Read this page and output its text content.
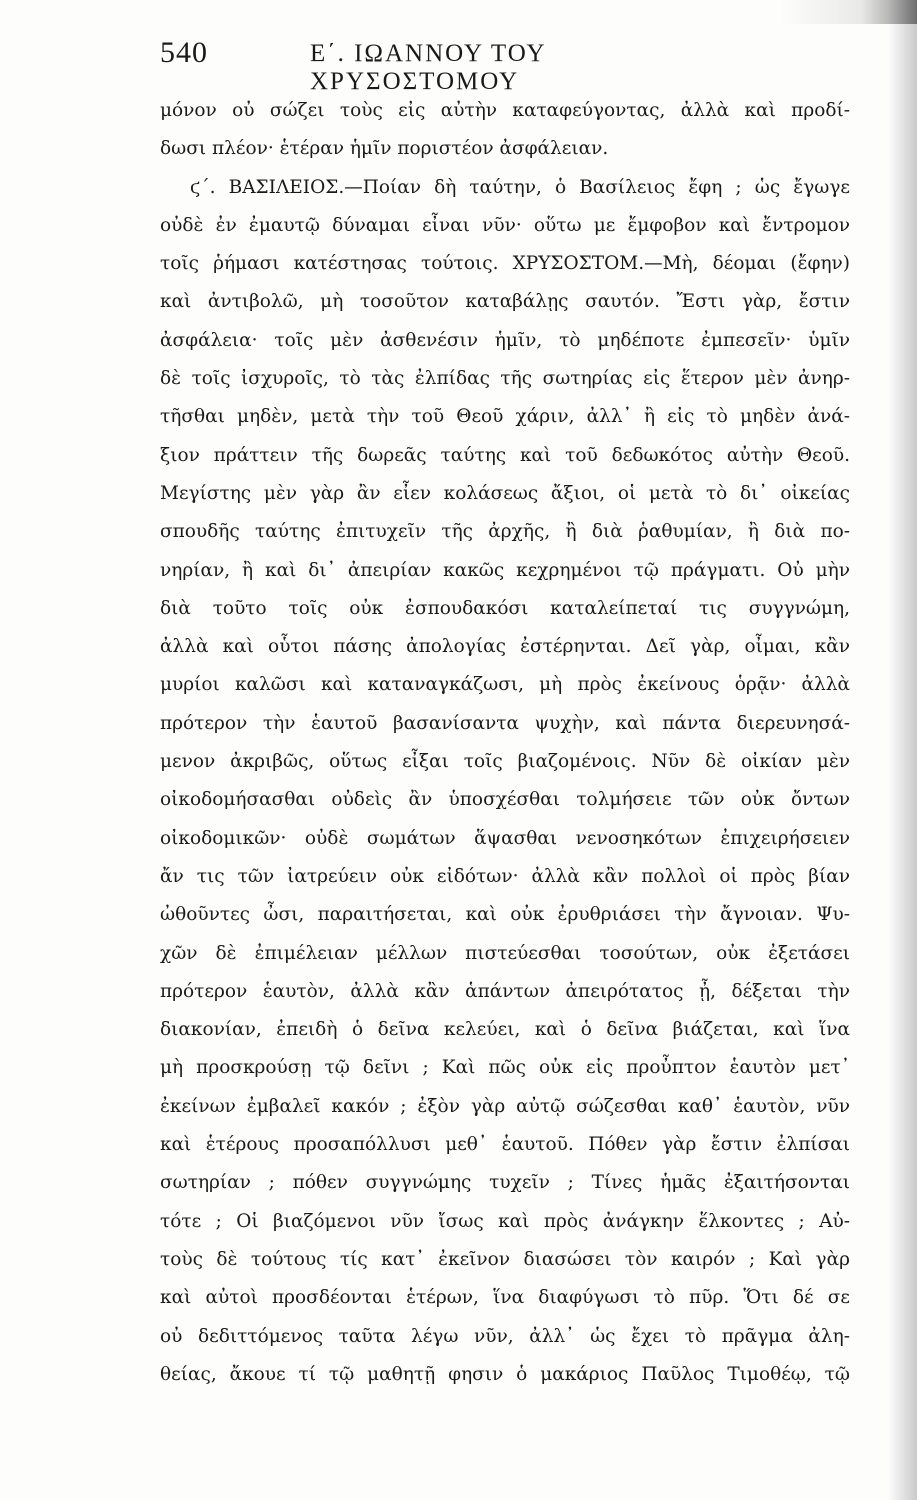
540	Ε΄. ΙΩΑΝΝΟΥ ΤΟΥ ΧΡΥΣΟΣΤΟΜΟΥ
μόνον οὐ σώζει τοὺς εἰς αὐτὴν καταφεύγοντας, ἀλλὰ καὶ προδί-
δωσι πλέον· ἑτέραν ἡμῖν ποριστέον ἀσφάλειαν.
ϛ΄. ΒΑΣΙΛΕΙΟΣ.—Ποίαν δὴ ταύτην, ὁ Βασίλειος ἔφη ; ὡς ἔγωγε
οὐδὲ ἐν ἐμαυτῷ δύναμαι εἶναι νῦν· οὕτω με ἔμφοβον καὶ ἔντρομον
τοῖς ῥήμασι κατέστησας τούτοις. ΧΡΥΣΟΣΤΟΜ.—Μὴ, δέομαι (ἔφην)
καὶ ἀντιβολῶ, μὴ τοσοῦτον καταβάλῃς σαυτόν. Ἔστι γὰρ, ἔστιν
ἀσφάλεια· τοῖς μὲν ἀσθενέσιν ἡμῖν, τὸ μηδέποτε ἐμπεσεῖν· ὑμῖν
δὲ τοῖς ἰσχυροῖς, τὸ τὰς ἐλπίδας τῆς σωτηρίας εἰς ἕτερον μὲν ἀνηρ-
τῆσθαι μηδὲν, μετὰ τὴν τοῦ Θεοῦ χάριν, ἀλλ᾽ ἢ εἰς τὸ μηδὲν ἀνά-
ξιον πράττειν τῆς δωρεᾶς ταύτης καὶ τοῦ δεδωκότος αὐτὴν Θεοῦ.
Μεγίστης μὲν γὰρ ἂν εἶεν κολάσεως ἄξιοι, οἱ μετὰ τὸ δι᾽ οἰκείας
σπουδῆς ταύτης ἐπιτυχεῖν τῆς ἀρχῆς, ἢ διὰ ῥαθυμίαν, ἢ διὰ πο-
νηρίαν, ἢ καὶ δι᾽ ἀπειρίαν κακῶς κεχρημένοι τῷ πράγματι. Οὐ μὴν
διὰ τοῦτο τοῖς οὐκ ἐσπουδακόσι καταλείπεταί τις συγγνώμη,
ἀλλὰ καὶ οὗτοι πάσης ἀπολογίας ἐστέρηνται. Δεῖ γὰρ, οἶμαι, κἂν
μυρίοι καλῶσι καὶ καταναγκάζωσι, μὴ πρὸς ἐκείνους ὁρᾷν· ἀλλὰ
πρότερον τὴν ἑαυτοῦ βασανίσαντα ψυχὴν, καὶ πάντα διερευνησά-
μενον ἀκριβῶς, οὕτως εἶξαι τοῖς βιαζομένοις. Νῦν δὲ οἰκίαν μὲν
οἰκοδομήσασθαι οὐδεὶς ἂν ὑποσχέσθαι τολμήσειε τῶν οὐκ ὄντων
οἰκοδομικῶν· οὐδὲ σωμάτων ἅψασθαι νενοσηκότων ἐπιχειρήσειεν
ἄν τις τῶν ἰατρεύειν οὐκ εἰδότων· ἀλλὰ κἂν πολλοὶ οἱ πρὸς βίαν
ὠθοῦντες ὦσι, παραιτήσεται, καὶ οὐκ ἐρυθριάσει τὴν ἄγνοιαν. Ψυ-
χῶν δὲ ἐπιμέλειαν μέλλων πιστεύεσθαι τοσούτων, οὐκ ἐξετάσει
πρότερον ἑαυτὸν, ἀλλὰ κἂν ἁπάντων ἀπειρότατος ᾖ, δέξεται τὴν
διακονίαν, ἐπειδὴ ὁ δεῖνα κελεύει, καὶ ὁ δεῖνα βιάζεται, καὶ ἵνα
μὴ προσκρούσῃ τῷ δεῖνι ; Καὶ πῶς οὐκ εἰς προὖπτον ἑαυτὸν μετ᾽
ἐκείνων ἐμβαλεῖ κακόν ; ἐξὸν γὰρ αὐτῷ σώζεσθαι καθ᾽ ἑαυτὸν, νῦν
καὶ ἑτέρους προσαπόλλυσι μεθ᾽ ἑαυτοῦ. Πόθεν γὰρ ἔστιν ἐλπίσαι
σωτηρίαν ; πόθεν συγγνώμης τυχεῖν ; Τίνες ἡμᾶς ἐξαιτήσονται
τότε ; Οἱ βιαζόμενοι νῦν ἴσως καὶ πρὸς ἀνάγκην ἕλκοντες ; Αὐ-
τοὺς δὲ τούτους τίς κατ᾽ ἐκεῖνον διασώσει τὸν καιρόν ; Καὶ γὰρ
καὶ αὐτοὶ προσδέονται ἑτέρων, ἵνα διαφύγωσι τὸ πῦρ. Ὅτι δέ σε
οὐ δεδιττόμενος ταῦτα λέγω νῦν, ἀλλ᾽ ὡς ἔχει τὸ πρᾶγμα ἀλη-
θείας, ἄκουε τί τῷ μαθητῇ φησιν ὁ μακάριος Παῦλος Τιμοθέῳ, τῷ
